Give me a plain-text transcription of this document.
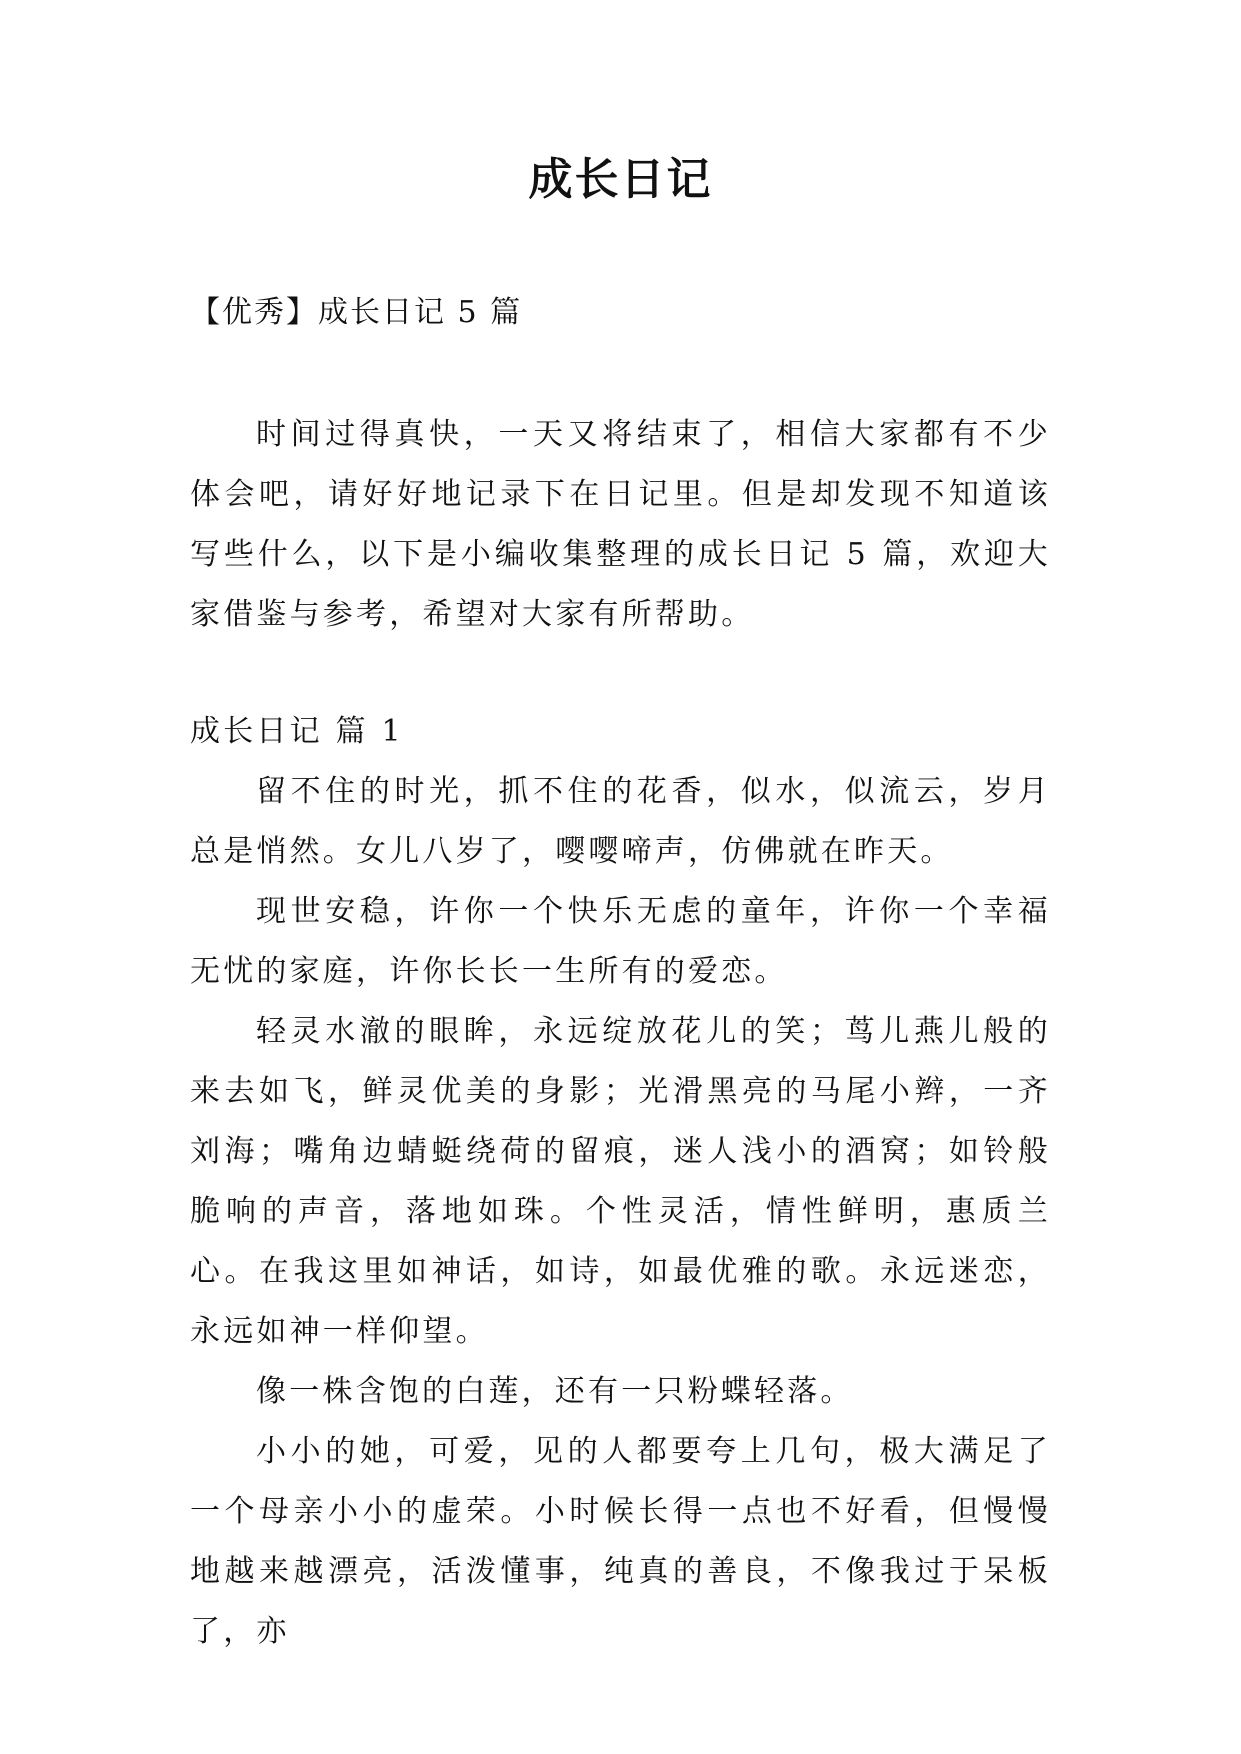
成长日记
【优秀】成长日记 5 篇

时间过得真快，一天又将结束了，相信大家都有不少体会吧，请好好地记录下在日记里。但是却发现不知道该写些什么，以下是小编收集整理的成长日记 5 篇，欢迎大家借鉴与参考，希望对大家有所帮助。

成长日记 篇 1

留不住的时光，抓不住的花香，似水，似流云，岁月总是悄然。女儿八岁了，嘤嘤啼声，仿佛就在昨天。

现世安稳，许你一个快乐无虑的童年，许你一个幸福无忧的家庭，许你长长一生所有的爱恋。

轻灵水澈的眼眸，永远绽放花儿的笑；茑儿燕儿般的来去如飞，鲜灵优美的身影；光滑黑亮的马尾小辫，一齐刘海；嘴角边蜻蜓绕荷的留痕，迷人浅小的酒窝；如铃般脆响的声音，落地如珠。个性灵活，情性鲜明，惠质兰心。在我这里如神话，如诗，如最优雅的歌。永远迷恋，永远如神一样仰望。

像一株含饱的白莲，还有一只粉蝶轻落。

小小的她，可爱，见的人都要夸上几句，极大满足了一个母亲小小的虚荣。小时候长得一点也不好看，但慢慢地越来越漂亮，活泼懂事，纯真的善良，不像我过于呆板了，亦
